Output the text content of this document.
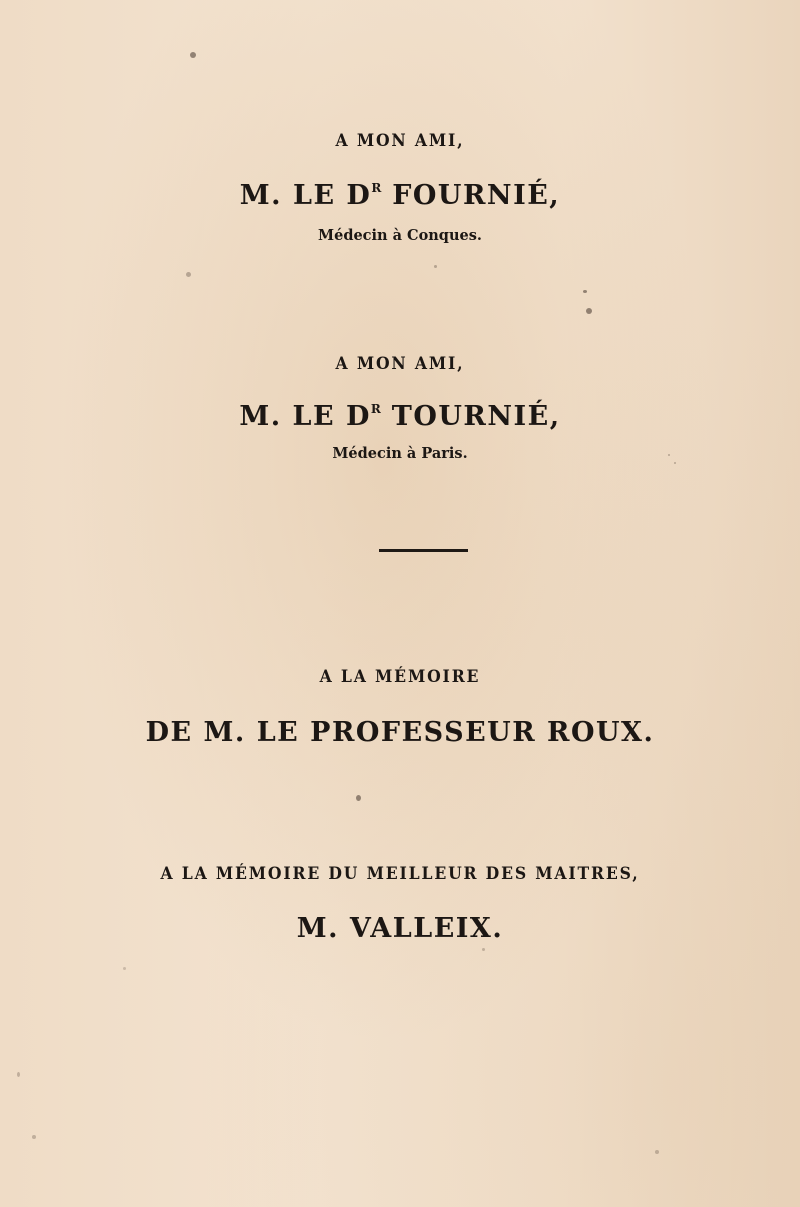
A MON AMI,
M. LE $D^R$ FOURNIÉ,
Médecin à Conques.
A MON AMI,
M. LE $D^R$ TOURNIÉ,
Médecin à Paris.
A LA MÉMOIRE
DE M. LE PROFESSEUR ROUX.
A LA MÉMOIRE DU MEILLEUR DES MAITRES,
M. VALLEIX.
